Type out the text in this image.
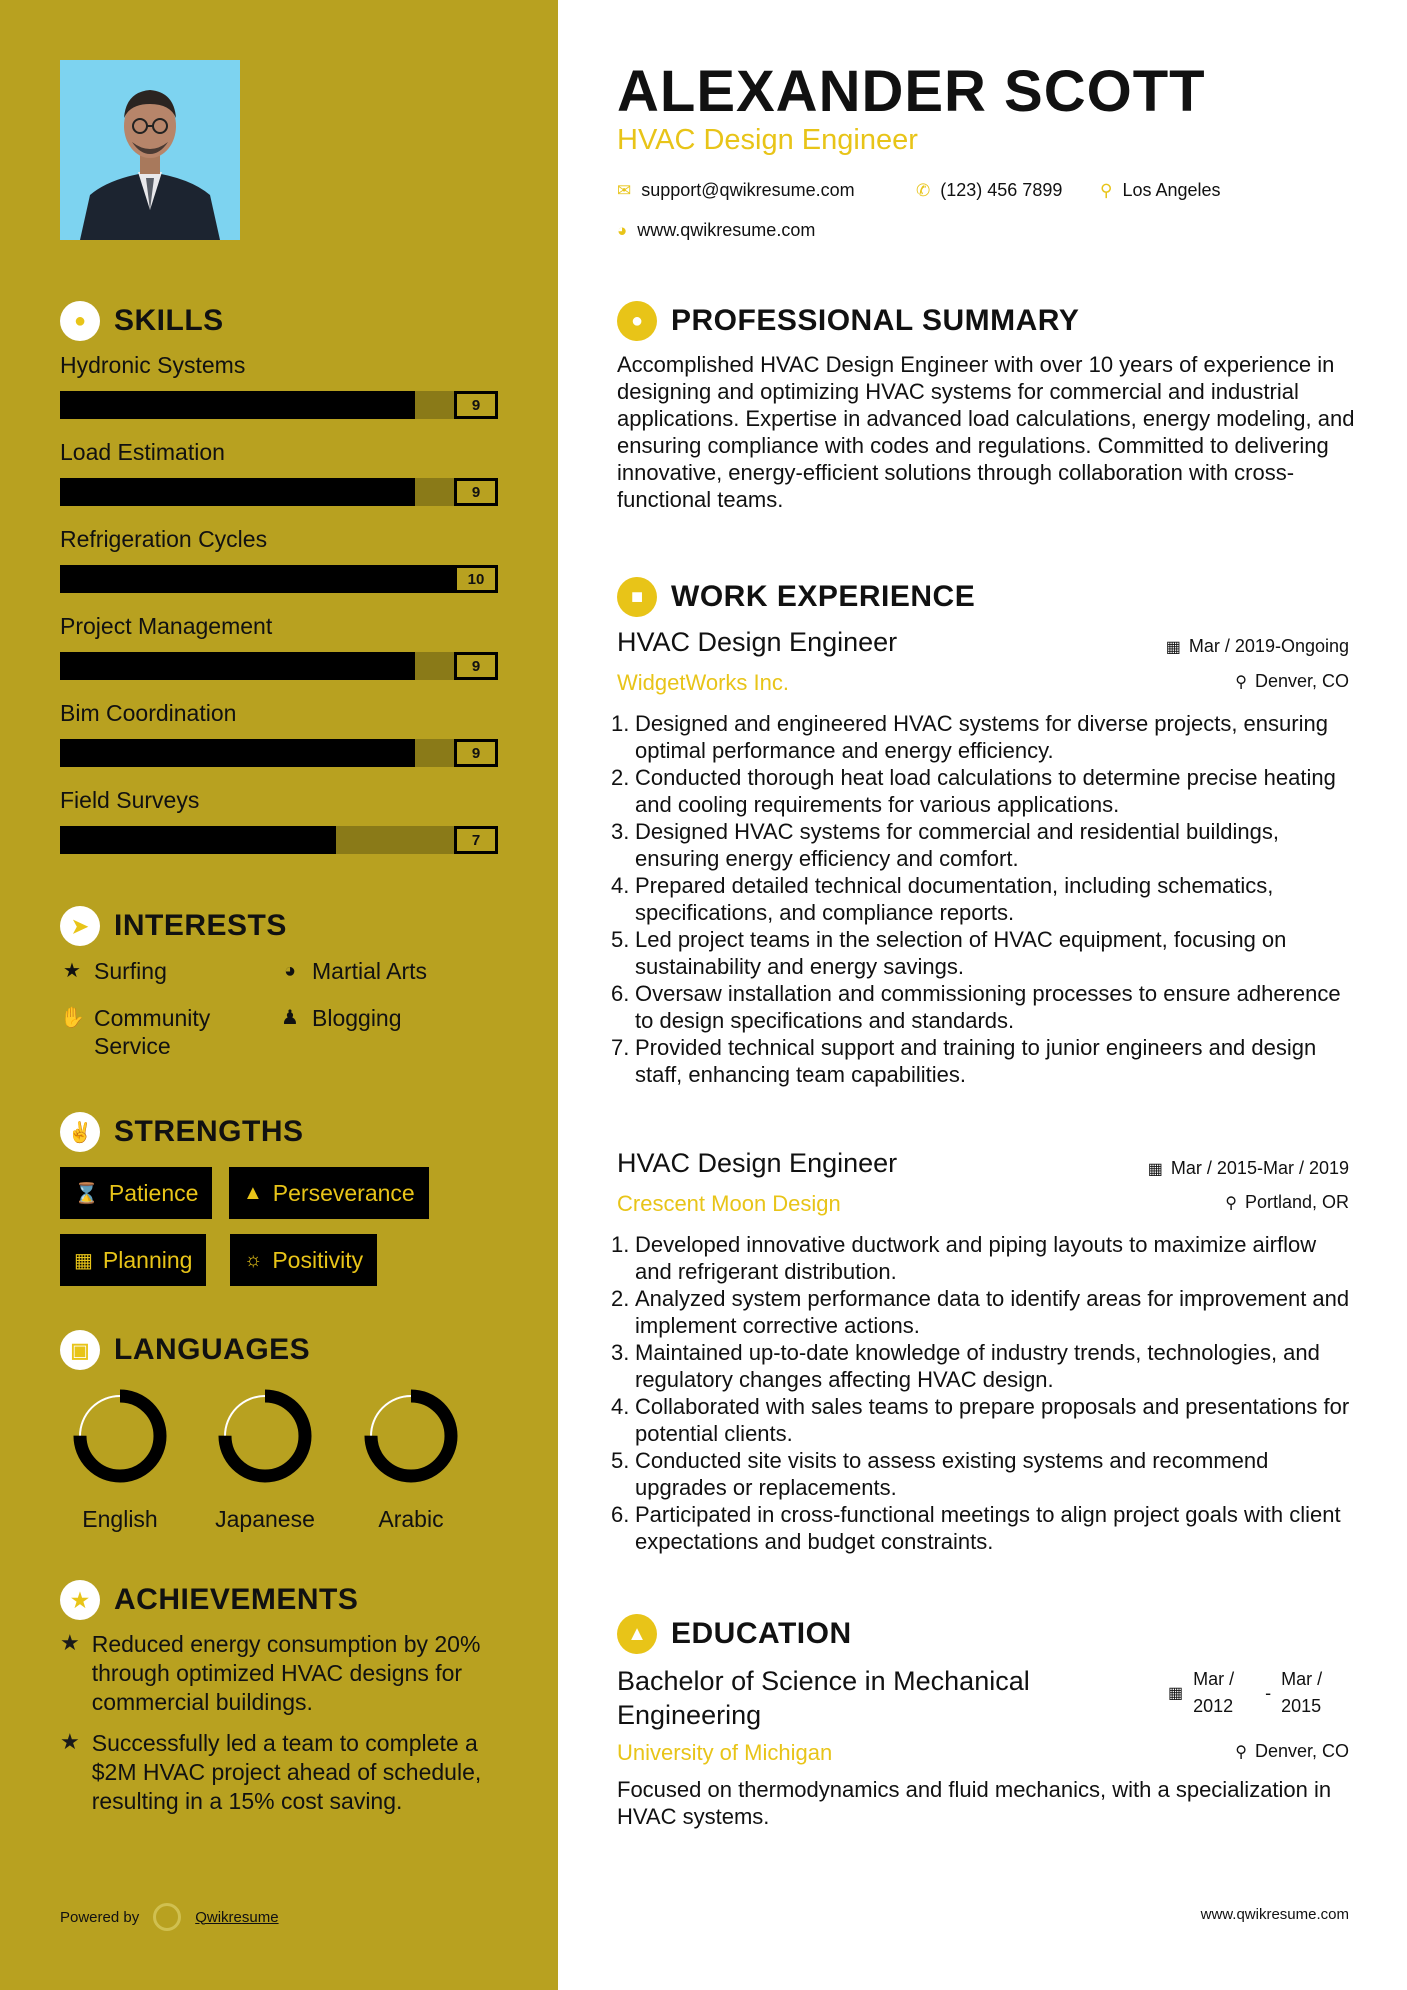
● SKILLS
Hydronic Systems
9
Load Estimation
9
Refrigeration Cycles
10
Project Management
9
Bim Coordination
9
Field Surveys
7
➤ INTERESTS
★ Surfing	◕ Martial Arts
✋ Community Service
♟ Blogging
✌ STRENGTHS
⌛ Patience ▲ Perseverance
▦ Planning	☼ Positivity
▣ LANGUAGES
English	Japanese	Arabic
★ ACHIEVEMENTS
★ Reduced energy consumption by 20% through optimized HVAC designs for commercial buildings.
★ Successfully led a team to complete a $2M HVAC project ahead of schedule, resulting in a 15% cost saving.
Powered by	Qwikresume
ALEXANDER SCOTT
HVAC Design Engineer
✉ support@qwikresume.com	✆ (123) 456 7899 ⚲ Los Angeles
◕ www.qwikresume.com
● PROFESSIONAL SUMMARY
Accomplished HVAC Design Engineer with over 10 years of experience in designing and optimizing HVAC systems for commercial and industrial applications. Expertise in advanced load calculations, energy modeling, and ensuring compliance with codes and regulations. Committed to delivering innovative, energy-efficient solutions through collaboration with cross-functional teams.
■ WORK EXPERIENCE
HVAC Design Engineer	▦ Mar / 2019-Ongoing
WidgetWorks Inc.	⚲ Denver, CO
1. Designed and engineered HVAC systems for diverse projects, ensuring optimal performance and energy efficiency.
2. Conducted thorough heat load calculations to determine precise heating and cooling requirements for various applications.
3. Designed HVAC systems for commercial and residential buildings, ensuring energy efficiency and comfort.
4. Prepared detailed technical documentation, including schematics, specifications, and compliance reports.
5. Led project teams in the selection of HVAC equipment, focusing on sustainability and energy savings.
6. Oversaw installation and commissioning processes to ensure adherence to design specifications and standards.
7. Provided technical support and training to junior engineers and design staff, enhancing team capabilities.
HVAC Design Engineer	▦ Mar / 2015-Mar / 2019
Crescent Moon Design	⚲ Portland, OR
1. Developed innovative ductwork and piping layouts to maximize airflow and refrigerant distribution.
2. Analyzed system performance data to identify areas for improvement and implement corrective actions.
3. Maintained up-to-date knowledge of industry trends, technologies, and regulatory changes affecting HVAC design.
4. Collaborated with sales teams to prepare proposals and presentations for potential clients.
5. Conducted site visits to assess existing systems and recommend upgrades or replacements.
6. Participated in cross-functional meetings to align project goals with client expectations and budget constraints.
▲ EDUCATION
Bachelor of Science in Mechanical Engineering
▦
Mar / 2012
-
Mar / 2015
University of Michigan	⚲ Denver, CO
Focused on thermodynamics and fluid mechanics, with a specialization in HVAC systems.
www.qwikresume.com
